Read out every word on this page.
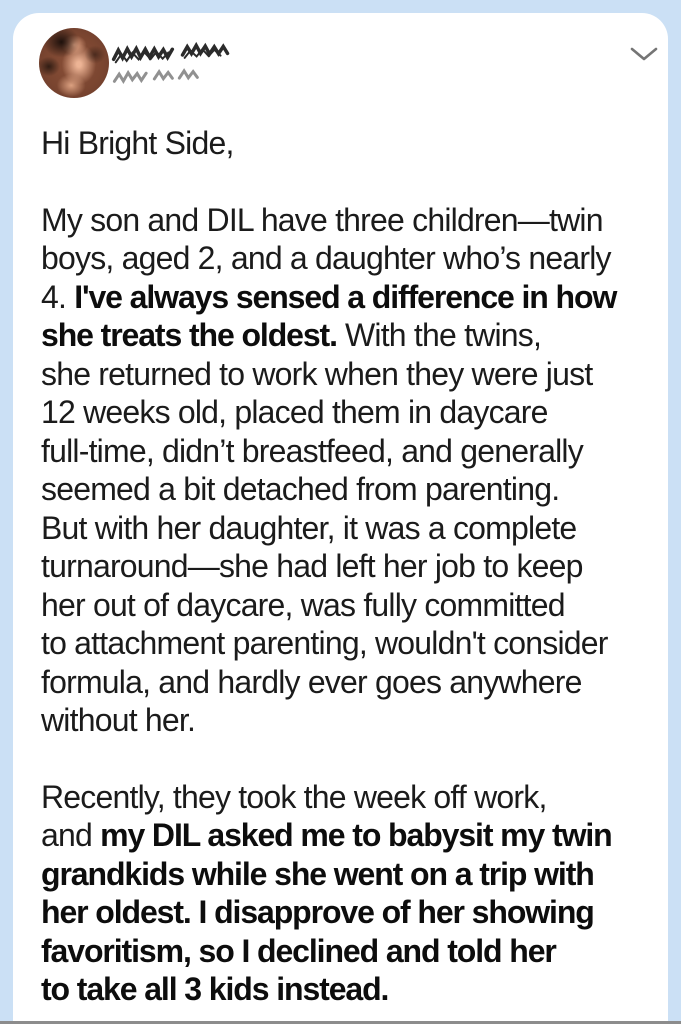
Hi Bright Side,
My son and DIL have three children—twin
boys, aged 2, and a daughter who’s nearly
4. I've always sensed a difference in how
she treats the oldest. With the twins,
she returned to work when they were just
12 weeks old, placed them in daycare
full-time, didn’t breastfeed, and generally
seemed a bit detached from parenting.
But with her daughter, it was a complete
turnaround—she had left her job to keep
her out of daycare, was fully committed
to attachment parenting, wouldn't consider
formula, and hardly ever goes anywhere
without her.
Recently, they took the week off work,
and my DIL asked me to babysit my twin
grandkids while she went on a trip with
her oldest. I disapprove of her showing
favoritism, so I declined and told her
to take all 3 kids instead.
